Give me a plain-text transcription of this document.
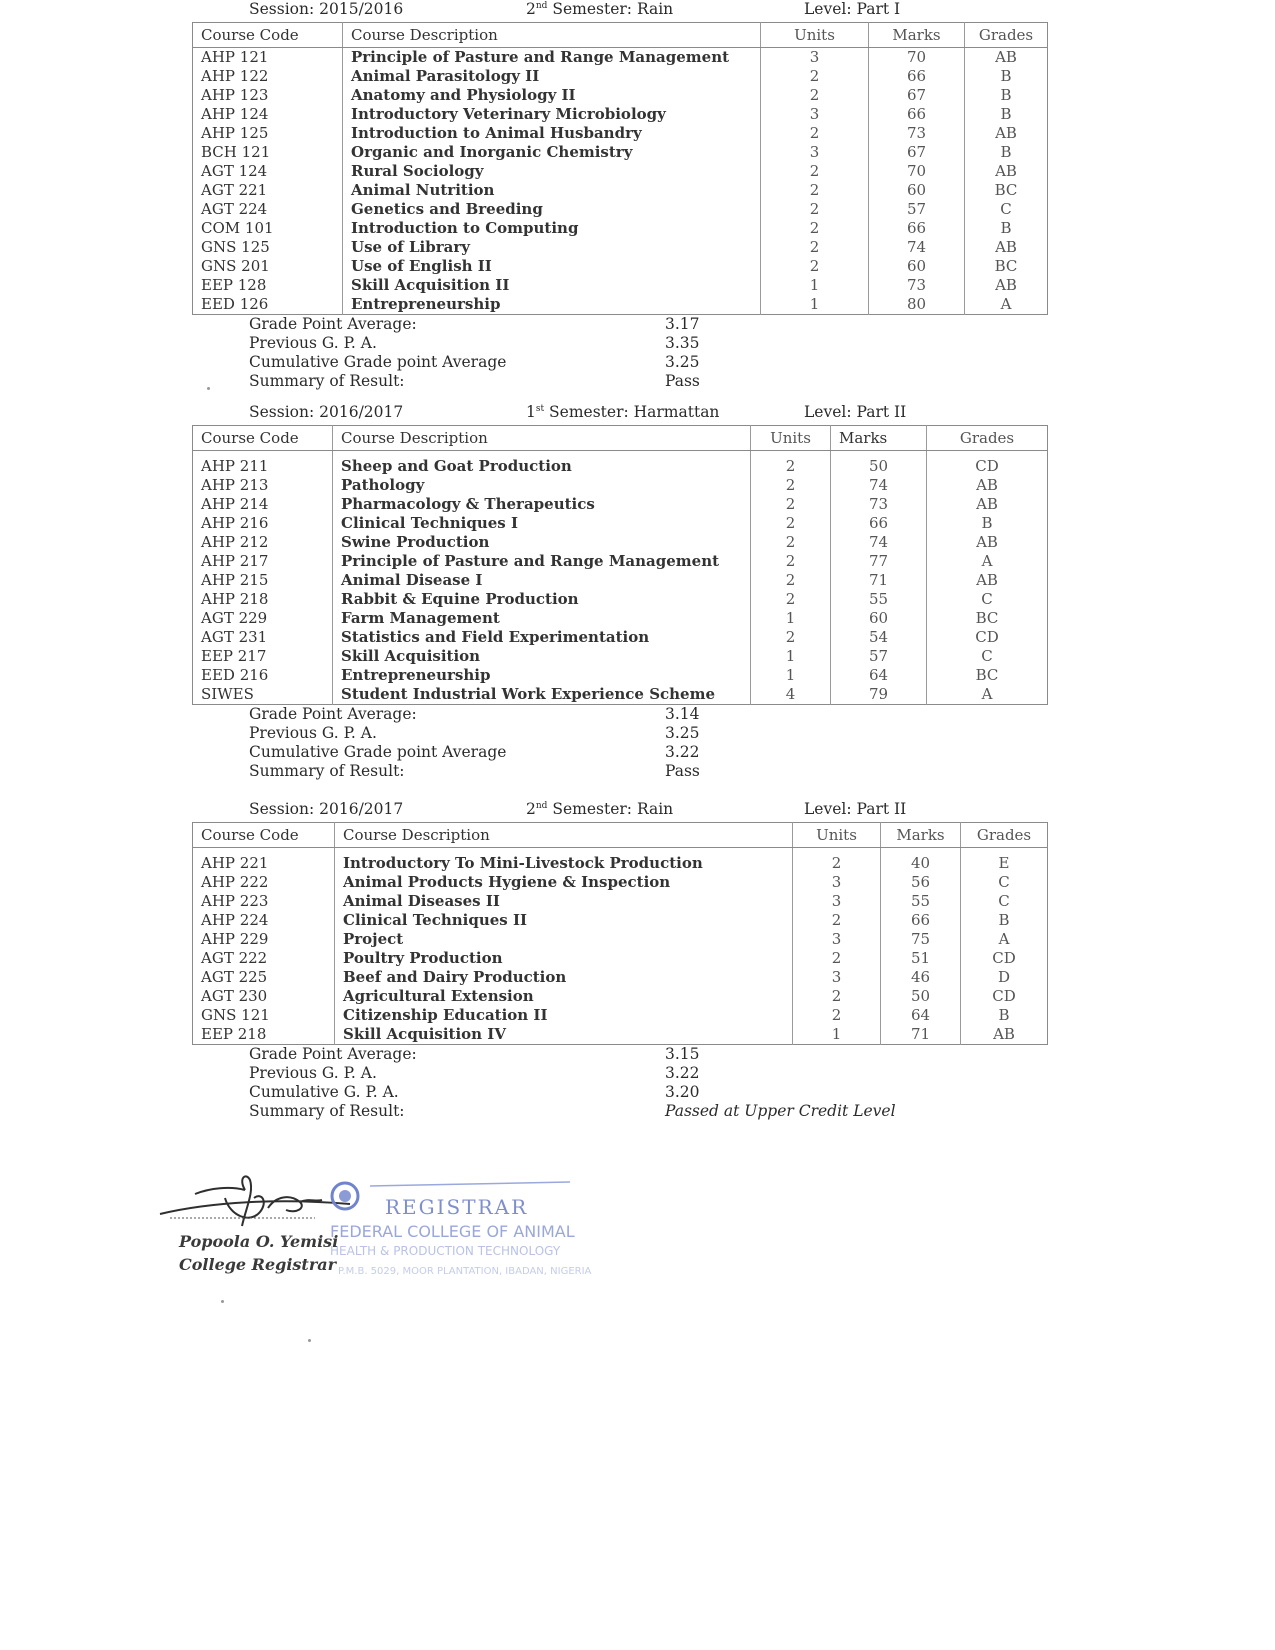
Session: 2015/2016	2nd Semester: Rain	Level: Part I
Course Code	Course Description	Units	Marks	Grades
AHP 121	Principle of Pasture and Range Management	3	70	AB
AHP 122	Animal Parasitology II	2	66	B
AHP 123	Anatomy and Physiology II	2	67	B
AHP 124	Introductory Veterinary Microbiology	3	66	B
AHP 125	Introduction to Animal Husbandry	2	73	AB
BCH 121	Organic and Inorganic Chemistry	3	67	B
AGT 124	Rural Sociology	2	70	AB
AGT 221	Animal Nutrition	2	60	BC
AGT 224	Genetics and Breeding	2	57	C
COM 101	Introduction to Computing	2	66	B
GNS 125	Use of Library	2	74	AB
GNS 201	Use of English II	2	60	BC
EEP 128	Skill Acquisition II	1	73	AB
EED 126	Entrepreneurship	1	80	A
Grade Point Average:	3.17
Previous G. P. A.	3.35
Cumulative Grade point Average	3.25
Summary of Result:	Pass
Session: 2016/2017	1st Semester: Harmattan	Level: Part II
Course Code	Course Description	Units	Marks	Grades

AHP 211	Sheep and Goat Production	2	50	CD
AHP 213	Pathology	2	74	AB
AHP 214	Pharmacology & Therapeutics	2	73	AB
AHP 216	Clinical Techniques I	2	66	B
AHP 212	Swine Production	2	74	AB
AHP 217	Principle of Pasture and Range Management	2	77	A
AHP 215	Animal Disease I	2	71	AB
AHP 218	Rabbit & Equine Production	2	55	C
AGT 229	Farm Management	1	60	BC
AGT 231	Statistics and Field Experimentation	2	54	CD
EEP 217	Skill Acquisition	1	57	C
EED 216	Entrepreneurship	1	64	BC
SIWES	Student Industrial Work Experience Scheme	4	79	A
Grade Point Average:	3.14
Previous G. P. A.	3.25
Cumulative Grade point Average	3.22
Summary of Result:	Pass
Session: 2016/2017	2nd Semester: Rain	Level: Part II
Course Code	Course Description	Units	Marks	Grades

AHP 221	Introductory To Mini-Livestock Production	2	40	E
AHP 222	Animal Products Hygiene & Inspection	3	56	C
AHP 223	Animal Diseases II	3	55	C
AHP 224	Clinical Techniques II	2	66	B
AHP 229	Project	3	75	A
AGT 222	Poultry Production	2	51	CD
AGT 225	Beef and Dairy Production	3	46	D
AGT 230	Agricultural Extension	2	50	CD
GNS 121	Citizenship Education II	2	64	B
EEP 218	Skill Acquisition IV	1	71	AB
Grade Point Average:	3.15
Previous G. P. A.	3.22
Cumulative G. P. A.	3.20
Summary of Result:	Passed at Upper Credit Level
REGISTRAR
FEDERAL COLLEGE OF ANIMAL
HEALTH & PRODUCTION TECHNOLOGY
P.M.B. 5029, MOOR PLANTATION, IBADAN, NIGERIA
Popoola O. Yemisi
College Registrar
